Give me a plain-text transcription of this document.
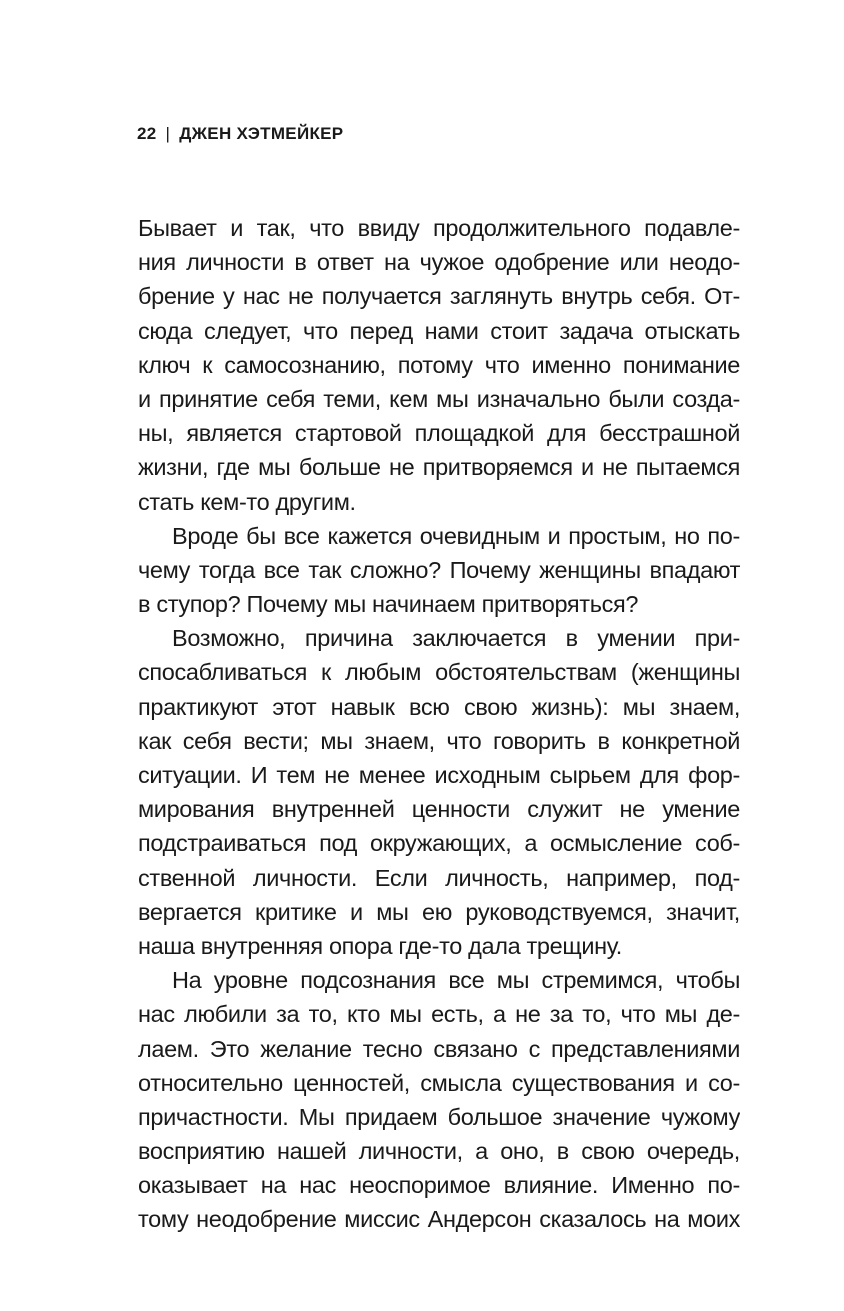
22 | ДЖЕН ХЭТМЕЙКЕР
Бывает и так, что ввиду продолжительного подавле-
ния личности в ответ на чужое одобрение или неодо-
брение у нас не получается заглянуть внутрь себя. От-
сюда следует, что перед нами стоит задача отыскать
ключ к самосознанию, потому что именно понимание
и принятие себя теми, кем мы изначально были созда-
ны, является стартовой площадкой для бесстрашной
жизни, где мы больше не притворяемся и не пытаемся
стать кем-то другим.
Вроде бы все кажется очевидным и простым, но по-
чему тогда все так сложно? Почему женщины впадают
в ступор? Почему мы начинаем притворяться?
Возможно, причина заключается в умении при-
спосабливаться к любым обстоятельствам (женщины
практикуют этот навык всю свою жизнь): мы знаем,
как себя вести; мы знаем, что говорить в конкретной
ситуации. И тем не менее исходным сырьем для фор-
мирования внутренней ценности служит не умение
подстраиваться под окружающих, а осмысление соб-
ственной личности. Если личность, например, под-
вергается критике и мы ею руководствуемся, значит,
наша внутренняя опора где-то дала трещину.
На уровне подсознания все мы стремимся, чтобы
нас любили за то, кто мы есть, а не за то, что мы де-
лаем. Это желание тесно связано с представлениями
относительно ценностей, смысла существования и со-
причастности. Мы придаем большое значение чужому
восприятию нашей личности, а оно, в свою очередь,
оказывает на нас неоспоримое влияние. Именно по-
тому неодобрение миссис Андерсон сказалось на моих
